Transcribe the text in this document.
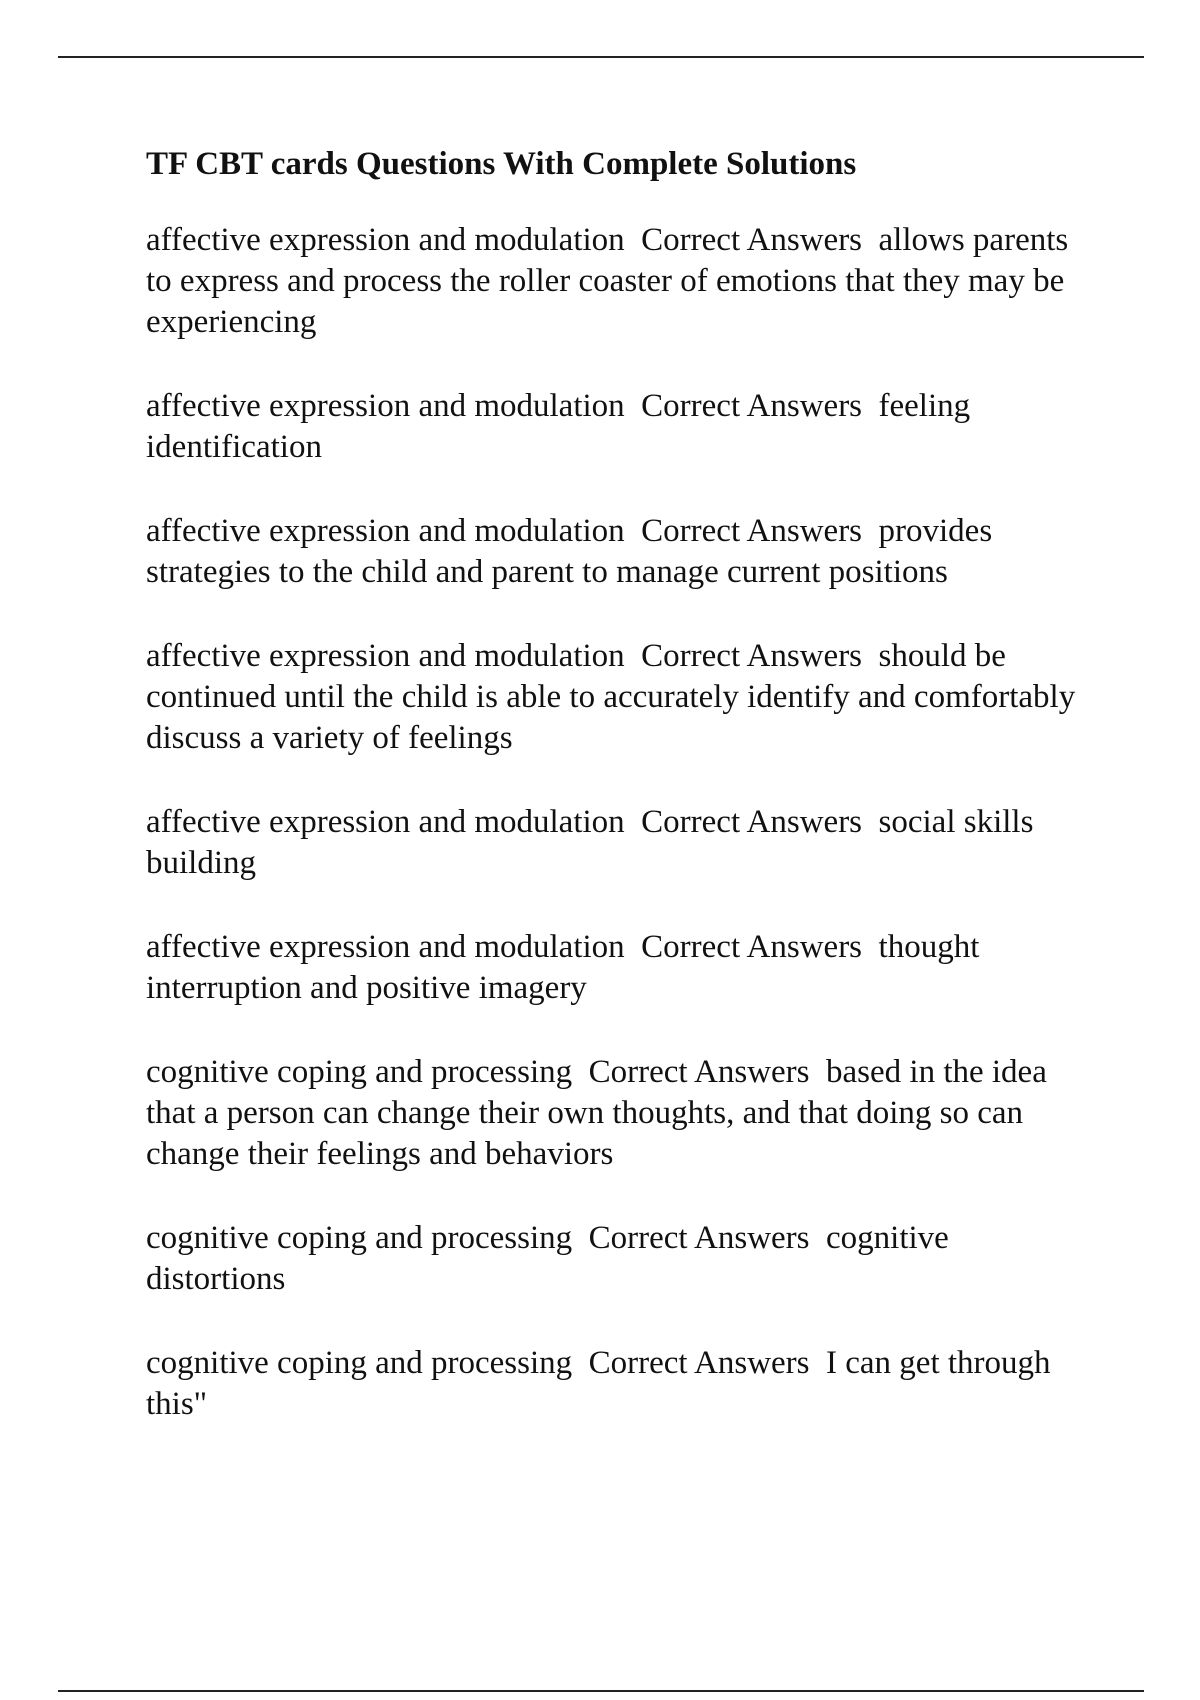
TF CBT cards Questions With Complete Solutions

affective expression and modulation  Correct Answers  allows parents to express and process the roller coaster of emotions that they may be experiencing

affective expression and modulation  Correct Answers  feeling identification

affective expression and modulation  Correct Answers  provides strategies to the child and parent to manage current positions

affective expression and modulation  Correct Answers  should be continued until the child is able to accurately identify and comfortably discuss a variety of feelings

affective expression and modulation  Correct Answers  social skills building

affective expression and modulation  Correct Answers  thought interruption and positive imagery

cognitive coping and processing  Correct Answers  based in the idea that a person can change their own thoughts, and that doing so can change their feelings and behaviors

cognitive coping and processing  Correct Answers  cognitive distortions

cognitive coping and processing  Correct Answers  I can get through this"
